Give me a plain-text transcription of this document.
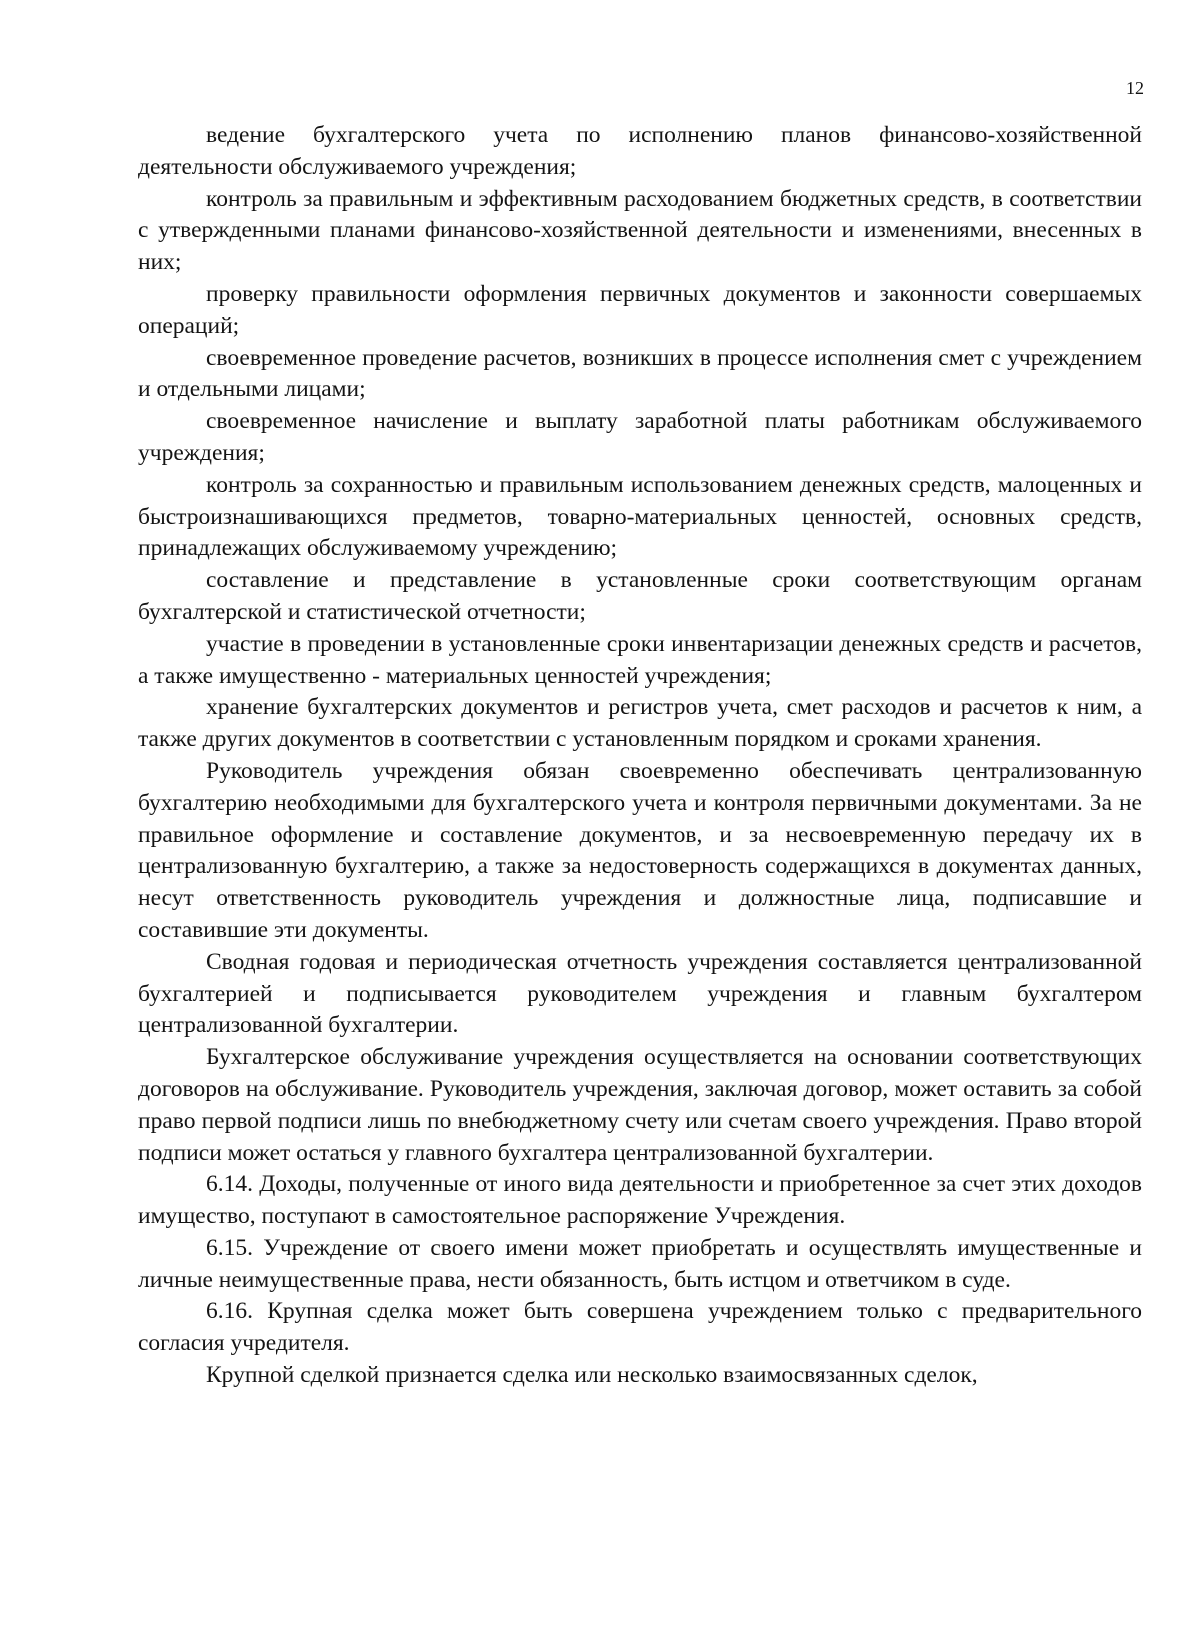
12

ведение бухгалтерского учета по исполнению планов финансово-хозяйственной деятельности обслуживаемого учреждения;

контроль за правильным и эффективным расходованием бюджетных средств, в соответствии с утвержденными планами финансово-хозяйственной деятельности и изменениями, внесенных в них;

проверку правильности оформления первичных документов и законности совершаемых операций;

своевременное проведение расчетов, возникших в процессе исполнения смет с учреждением и отдельными лицами;

своевременное начисление и выплату заработной платы работникам обслуживаемого учреждения;

контроль за сохранностью и правильным использованием денежных средств, малоценных и быстроизнашивающихся предметов, товарно-материальных ценностей, основных средств, принадлежащих обслуживаемому учреждению;

составление и представление в установленные сроки соответствующим органам бухгалтерской и статистической отчетности;

участие в проведении в установленные сроки инвентаризации денежных средств и расчетов, а также имущественно - материальных ценностей учреждения;

хранение бухгалтерских документов и регистров учета, смет расходов и расчетов к ним, а также других документов в соответствии с установленным порядком и сроками хранения.

Руководитель учреждения обязан своевременно обеспечивать централизованную бухгалтерию необходимыми для бухгалтерского учета и контроля первичными документами. За не правильное оформление и составление документов, и за несвоевременную передачу их в централизованную бухгалтерию, а также за недостоверность содержащихся в документах данных, несут ответственность руководитель учреждения и должностные лица, подписавшие и составившие эти документы.

Сводная годовая и периодическая отчетность учреждения составляется централизованной бухгалтерией и подписывается руководителем учреждения и главным бухгалтером централизованной бухгалтерии.

Бухгалтерское обслуживание учреждения осуществляется на основании соответствующих договоров на обслуживание. Руководитель учреждения, заключая договор, может оставить за собой право первой подписи лишь по внебюджетному счету или счетам своего учреждения. Право второй подписи может остаться у главного бухгалтера централизованной бухгалтерии.

6.14. Доходы, полученные от иного вида деятельности и приобретенное за счет этих доходов имущество, поступают в самостоятельное распоряжение Учреждения.

6.15. Учреждение от своего имени может приобретать и осуществлять имущественные и личные неимущественные права, нести обязанность, быть истцом и ответчиком в суде.

6.16. Крупная сделка может быть совершена учреждением только с предварительного согласия учредителя.

Крупной сделкой признается сделка или несколько взаимосвязанных сделок,
